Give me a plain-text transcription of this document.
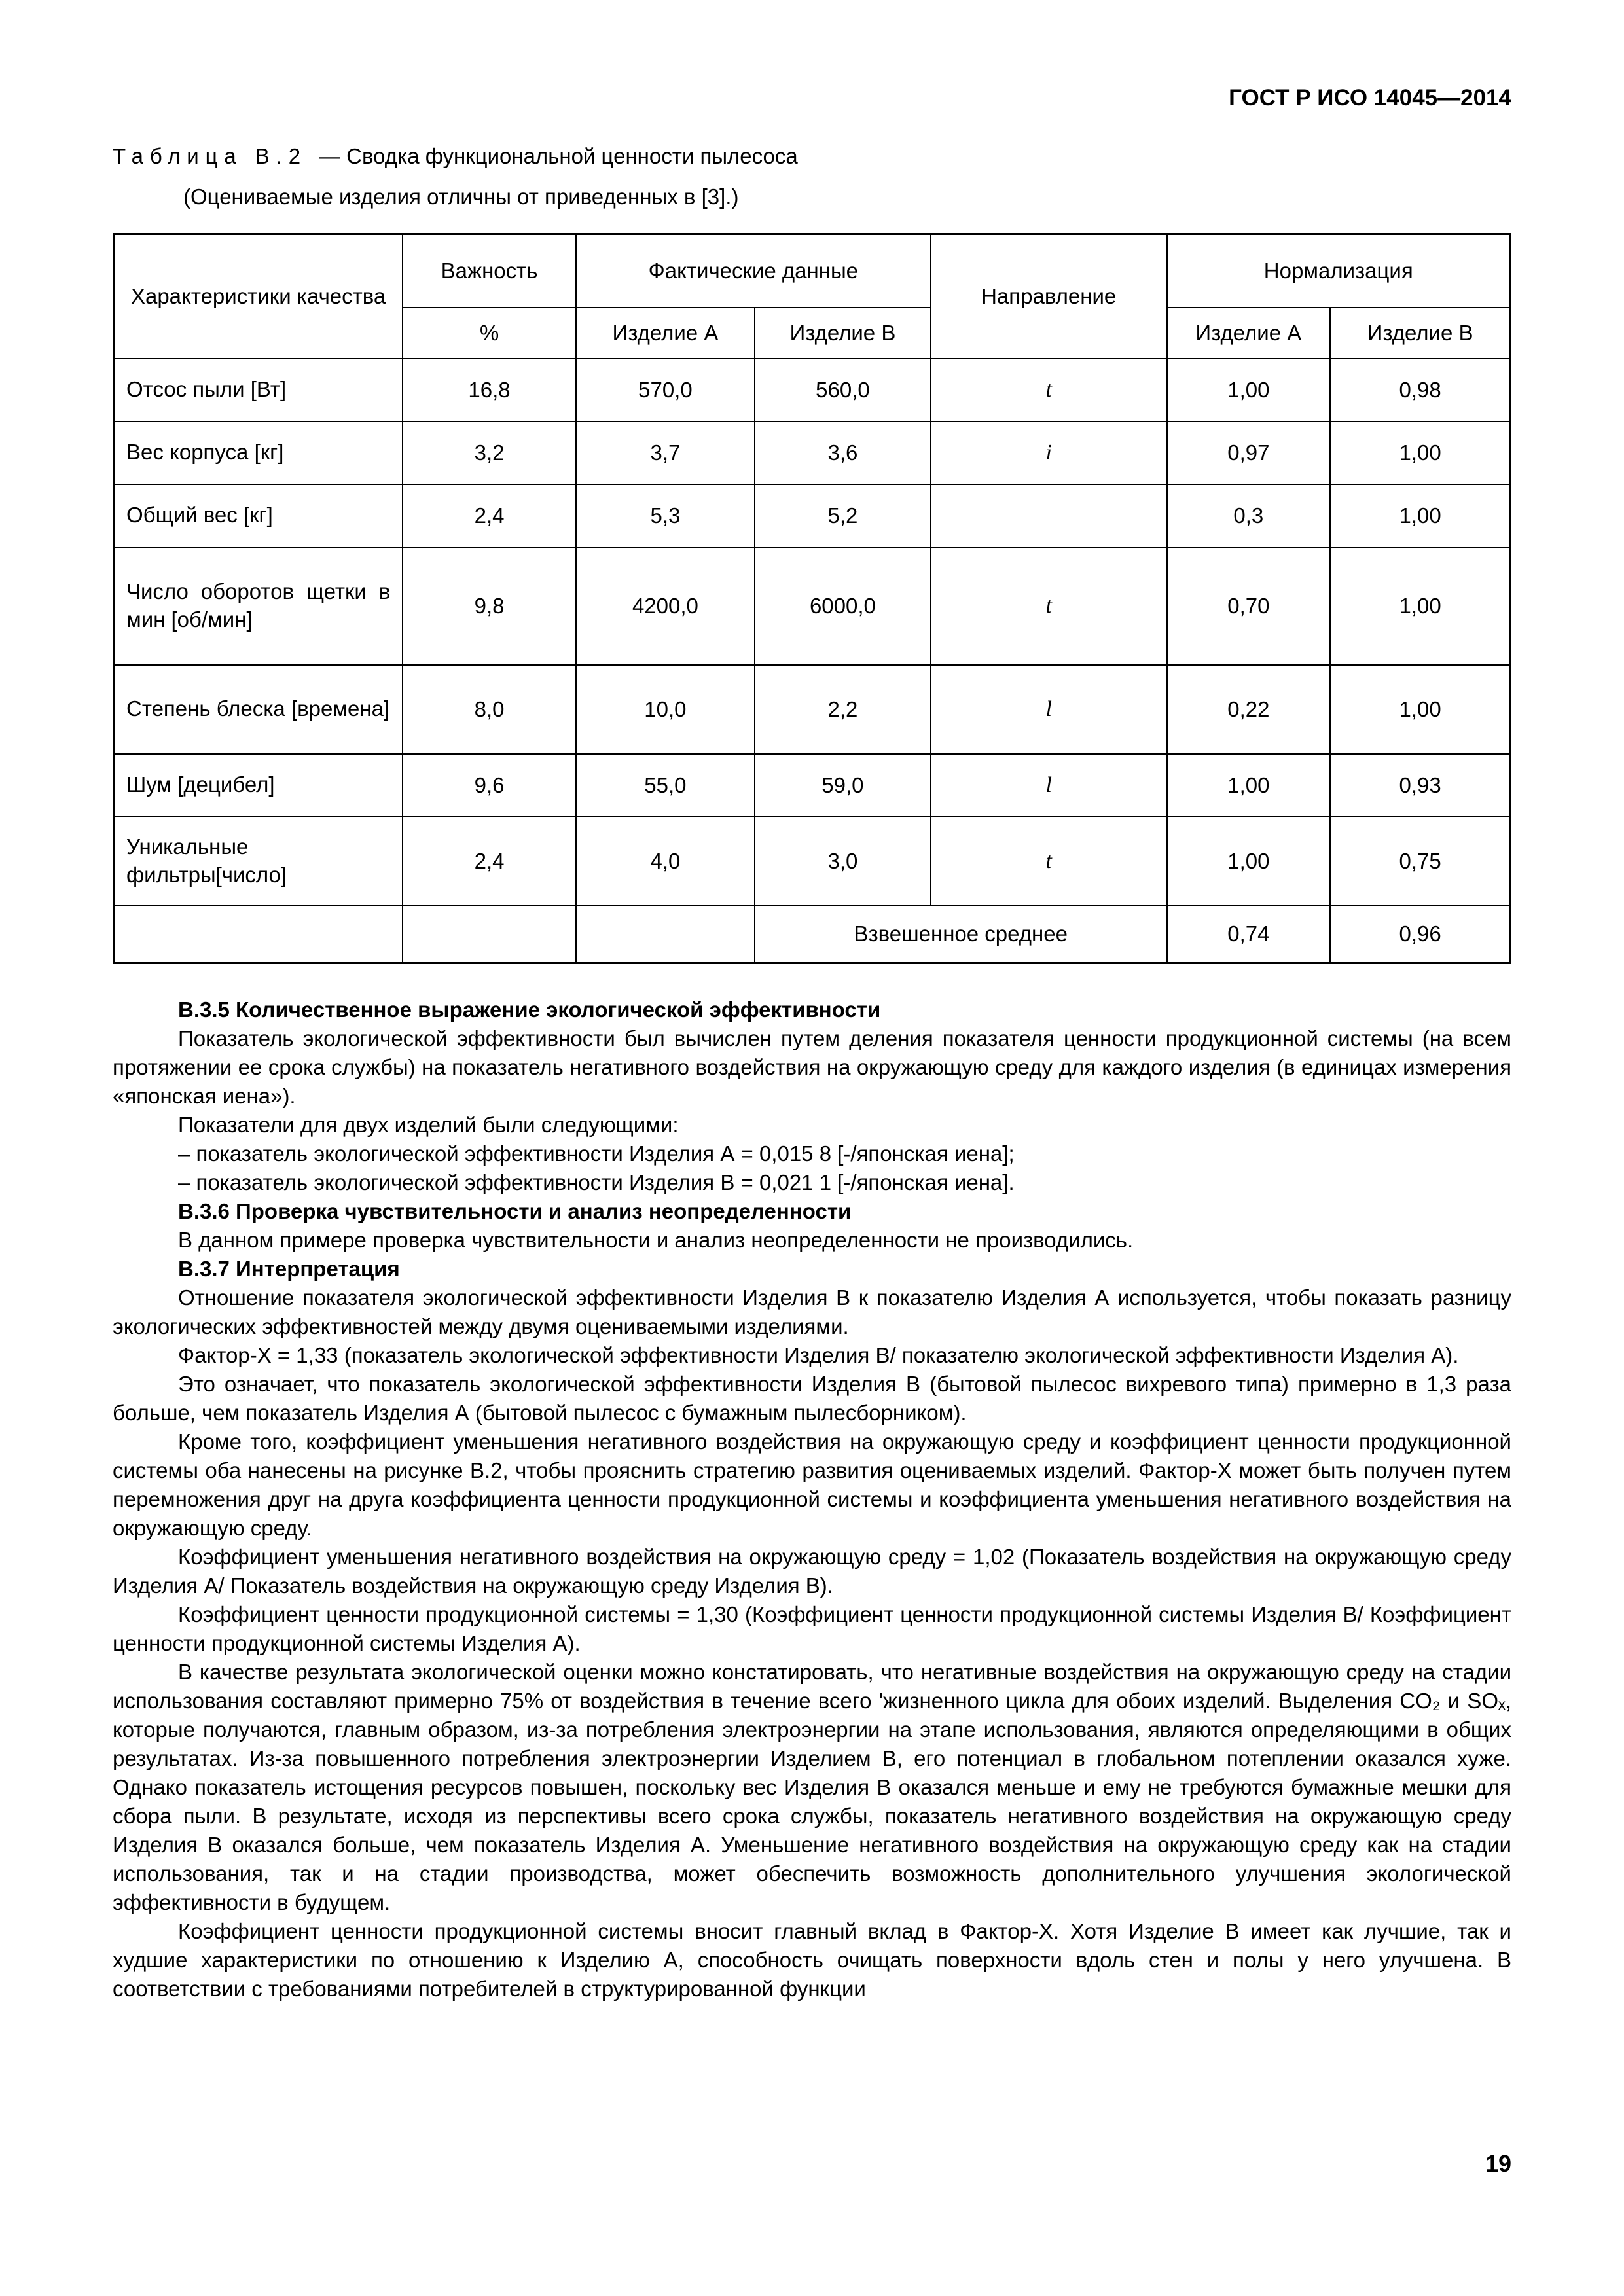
ГОСТ Р ИСО 14045—2014
Таблица В.2 — Сводка функциональной ценности пылесоса
(Оцениваемые изделия отличны от приведенных в [3].)
Характеристики качества	Важность	Фактические данные		Направление	Нормализация	
	%	Изделие А	Изделие В		Изделие А	Изделие В
Отсос пыли [Вт]	16,8	570,0	560,0	t	1,00	0,98
Вес корпуса [кг]	3,2	3,7	3,6	i	0,97	1,00
Общий вес [кг]	2,4	5,3	5,2		0,3	1,00
Число оборотов щетки в мин [об/мин]	9,8	4200,0	6000,0	t	0,70	1,00
Степень блеска [времена]	8,0	10,0	2,2	l	0,22	1,00
Шум [децибел]	9,6	55,0	59,0	l	1,00	0,93
Уникальные фильтры[число]	2,4	4,0	3,0	t	1,00	0,75
			Взвешенное среднее		0,74	0,96

В.3.5 Количественное выражение экологической эффективности

Показатель экологической эффективности был вычислен путем деления показателя ценности продукционной системы (на всем протяжении ее срока службы) на показатель негативного воздействия на окружающую среду для каждого изделия (в единицах измерения «японская иена»).

Показатели для двух изделий были следующими:

– показатель экологической эффективности Изделия А = 0,015 8 [-/японская иена];

– показатель экологической эффективности Изделия В = 0,021 1 [-/японская иена].

В.3.6 Проверка чувствительности и анализ неопределенности

В данном примере проверка чувствительности и анализ неопределенности не производились.

В.3.7 Интерпретация

Отношение показателя экологической эффективности Изделия В к показателю Изделия А используется, чтобы показать разницу экологических эффективностей между двумя оцениваемыми изделиями.

Фактор-X = 1,33 (показатель экологической эффективности Изделия В/ показателю экологической эффективности Изделия А).

Это означает, что показатель экологической эффективности Изделия В (бытовой пылесос вихревого типа) примерно в 1,3 раза больше, чем показатель Изделия А (бытовой пылесос с бумажным пылесборником).

Кроме того, коэффициент уменьшения негативного воздействия на окружающую среду и коэффициент ценности продукционной системы оба нанесены на рисунке В.2, чтобы прояснить стратегию развития оцениваемых изделий. Фактор-X может быть получен путем перемножения друг на друга коэффициента ценности продукционной системы и коэффициента уменьшения негативного воздействия на окружающую среду.

Коэффициент уменьшения негативного воздействия на окружающую среду = 1,02 (Показатель воздействия на окружающую среду Изделия А/ Показатель воздействия на окружающую среду Изделия В).

Коэффициент ценности продукционной системы = 1,30 (Коэффициент ценности продукционной системы Изделия В/ Коэффициент ценности продукционной системы Изделия А).

В качестве результата экологической оценки можно констатировать, что негативные воздействия на окружающую среду на стадии использования составляют примерно 75% от воздействия в течение всего 'жизненного цикла для обоих изделий. Выделения CO₂ и SOₓ, которые получаются, главным образом, из-за потребления электроэнергии на этапе использования, являются определяющими в общих результатах. Из-за повышенного потребления электроэнергии Изделием В, его потенциал в глобальном потеплении оказался хуже. Однако показатель истощения ресурсов повышен, поскольку вес Изделия В оказался меньше и ему не требуются бумажные мешки для сбора пыли. В результате, исходя из перспективы всего срока службы, показатель негативного воздействия на окружающую среду Изделия В оказался больше, чем показатель Изделия А. Уменьшение негативного воздействия на окружающую среду как на стадии использования, так и на стадии производства, может обеспечить возможность дополнительного улучшения экологической эффективности в будущем.

Коэффициент ценности продукционной системы вносит главный вклад в Фактор-X. Хотя Изделие В имеет как лучшие, так и худшие характеристики по отношению к Изделию А, способность очищать поверхности вдоль стен и полы у него улучшена. В соответствии с требованиями потребителей в структурированной функции

19
